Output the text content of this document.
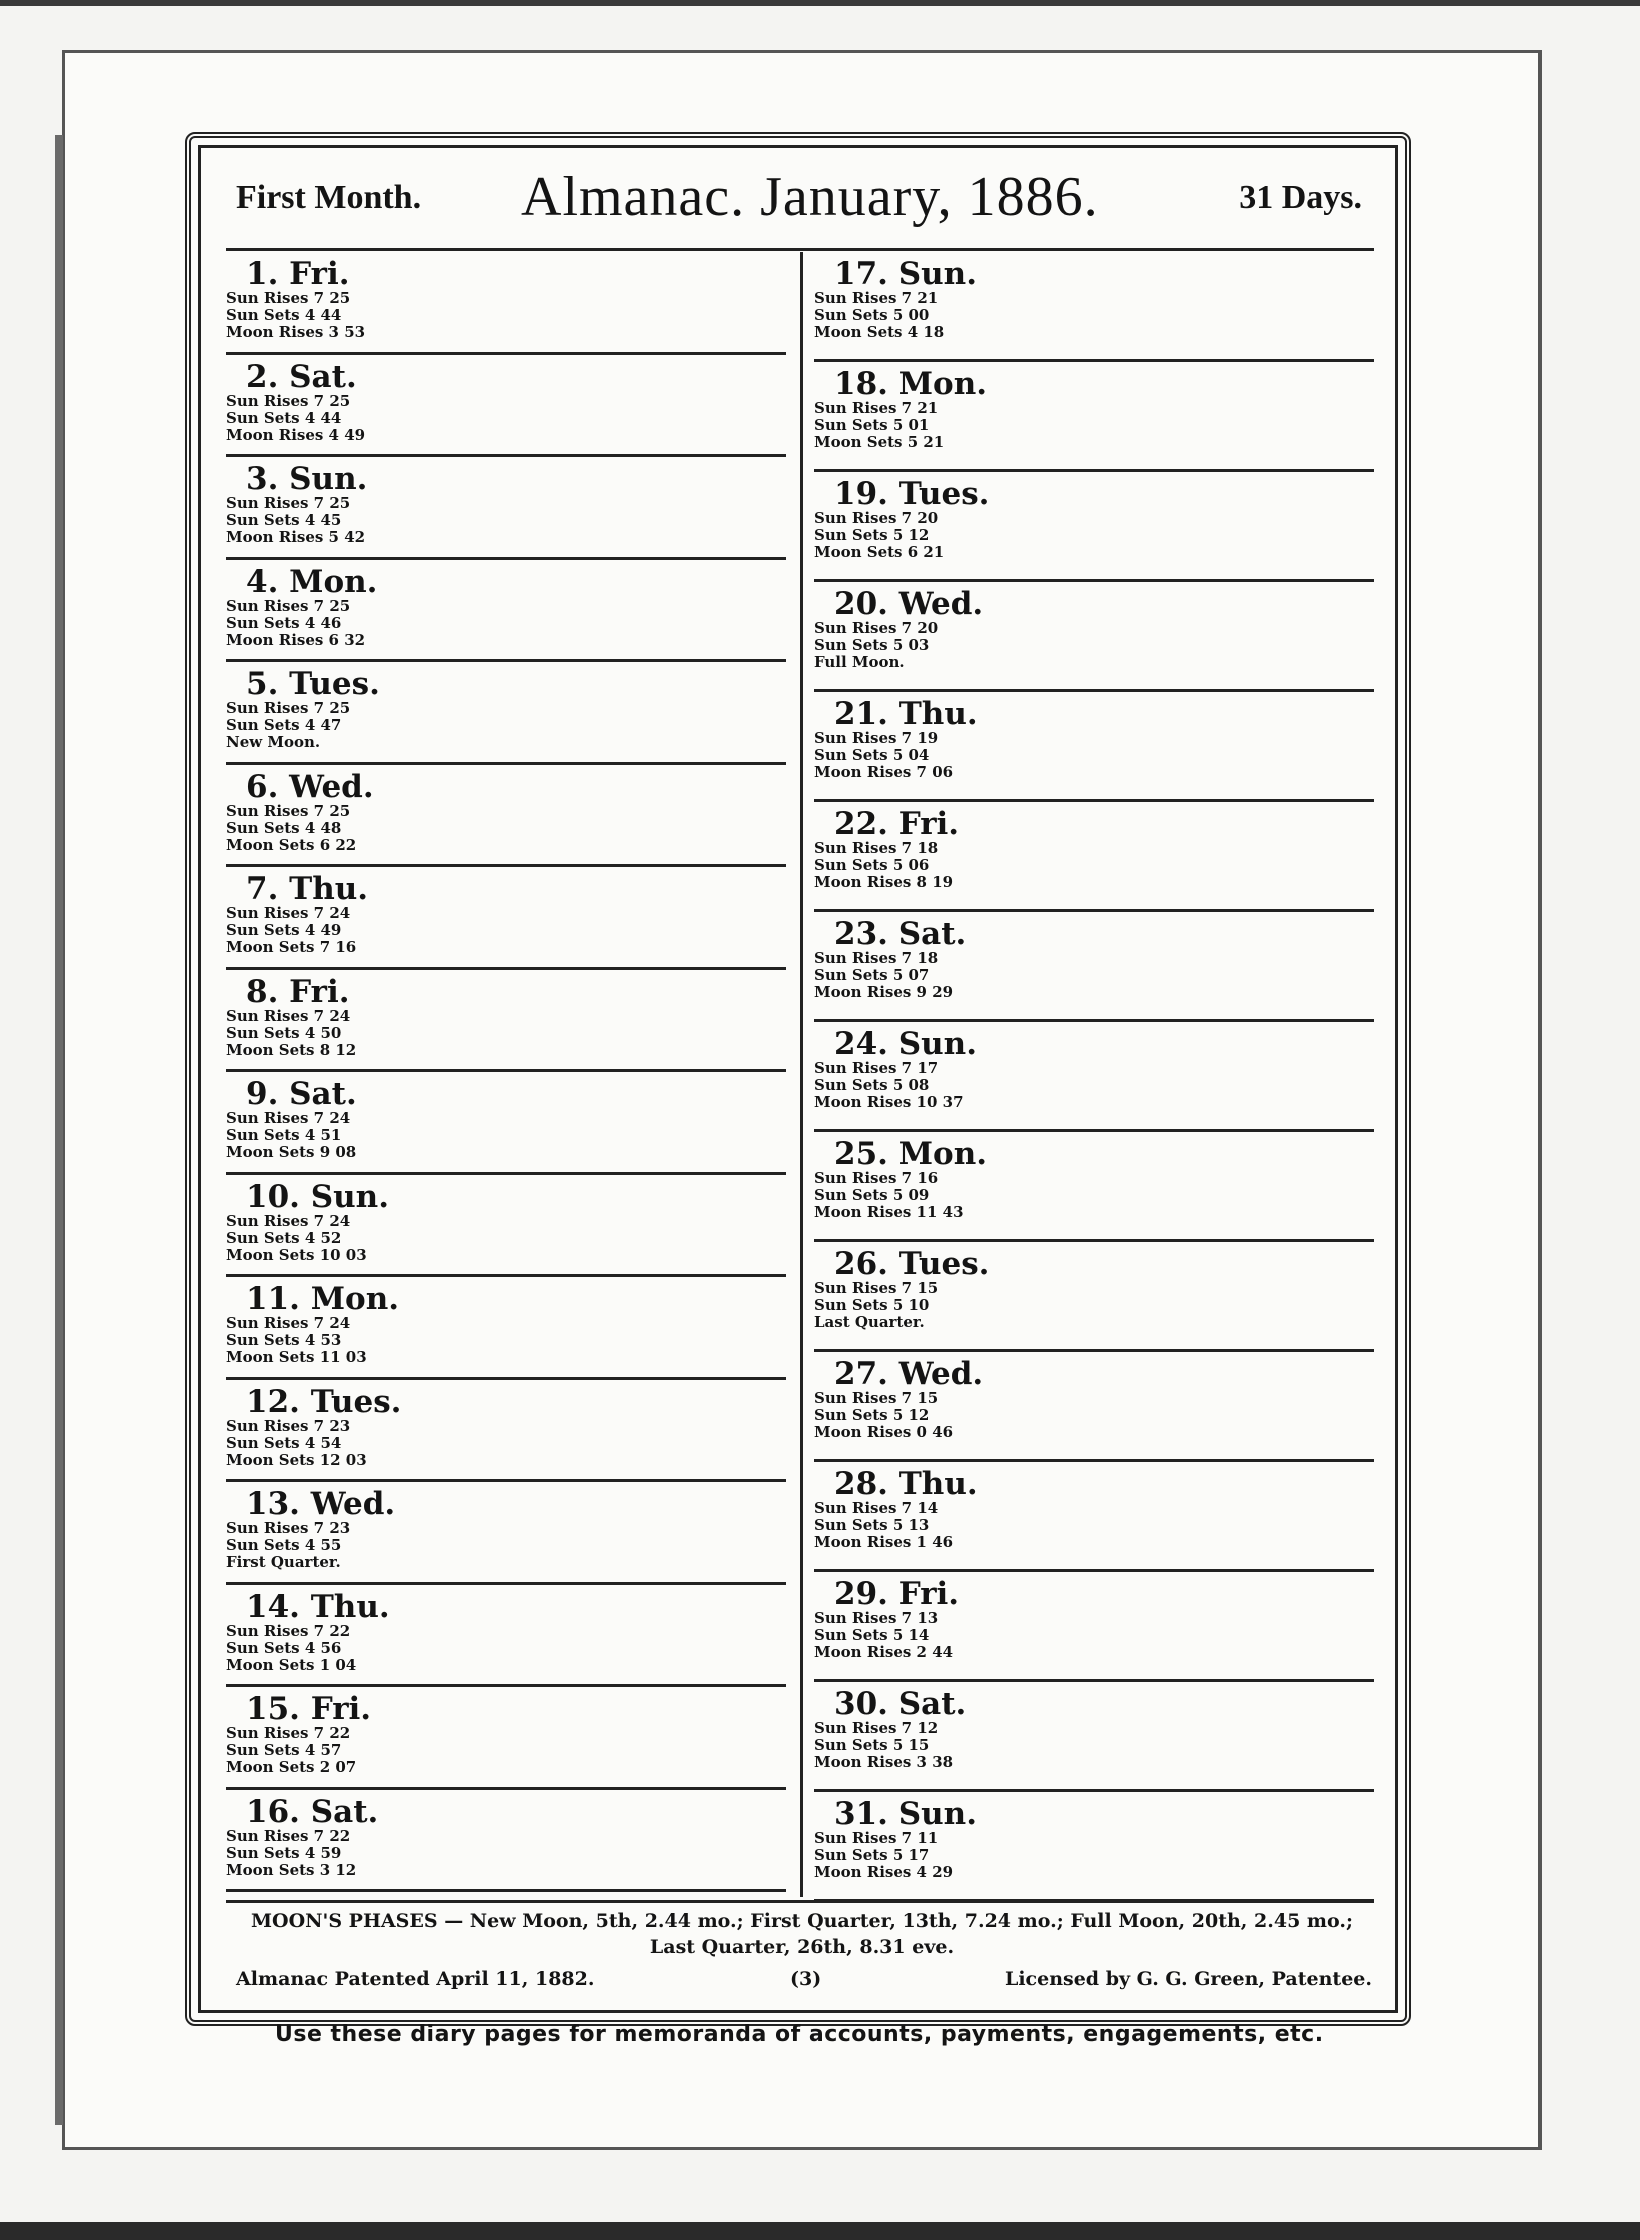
First Month. Almanac. January, 1886.	31 Days.
1. Fri.
Sun Rises 7 25
Sun Sets 4 44
Moon Rises 3 53
2. Sat.
Sun Rises 7 25
Sun Sets 4 44
Moon Rises 4 49
3. Sun.
Sun Rises 7 25
Sun Sets 4 45
Moon Rises 5 42
4. Mon.
Sun Rises 7 25
Sun Sets 4 46
Moon Rises 6 32
5. Tues.
Sun Rises 7 25
Sun Sets 4 47
New Moon.
6. Wed.
Sun Rises 7 25
Sun Sets 4 48
Moon Sets 6 22
7. Thu.
Sun Rises 7 24
Sun Sets 4 49
Moon Sets 7 16
8. Fri.
Sun Rises 7 24
Sun Sets 4 50
Moon Sets 8 12
9. Sat.
Sun Rises 7 24
Sun Sets 4 51
Moon Sets 9 08
10. Sun.
Sun Rises 7 24
Sun Sets 4 52
Moon Sets 10 03
11. Mon.
Sun Rises 7 24
Sun Sets 4 53
Moon Sets 11 03
12. Tues.
Sun Rises 7 23
Sun Sets 4 54
Moon Sets 12 03
13. Wed.
Sun Rises 7 23
Sun Sets 4 55
First Quarter.
14. Thu.
Sun Rises 7 22
Sun Sets 4 56
Moon Sets 1 04
15. Fri.
Sun Rises 7 22
Sun Sets 4 57
Moon Sets 2 07
16. Sat.
Sun Rises 7 22
Sun Sets 4 59
Moon Sets 3 12
17. Sun.
Sun Rises 7 21
Sun Sets 5 00
Moon Sets 4 18
18. Mon.
Sun Rises 7 21
Sun Sets 5 01
Moon Sets 5 21
19. Tues.
Sun Rises 7 20
Sun Sets 5 12
Moon Sets 6 21
20. Wed.
Sun Rises 7 20
Sun Sets 5 03
Full Moon.
21. Thu.
Sun Rises 7 19
Sun Sets 5 04
Moon Rises 7 06
22. Fri.
Sun Rises 7 18
Sun Sets 5 06
Moon Rises 8 19
23. Sat.
Sun Rises 7 18
Sun Sets 5 07
Moon Rises 9 29
24. Sun.
Sun Rises 7 17
Sun Sets 5 08
Moon Rises 10 37
25. Mon.
Sun Rises 7 16
Sun Sets 5 09
Moon Rises 11 43
26. Tues.
Sun Rises 7 15
Sun Sets 5 10
Last Quarter.
27. Wed.
Sun Rises 7 15
Sun Sets 5 12
Moon Rises 0 46
28. Thu.
Sun Rises 7 14
Sun Sets 5 13
Moon Rises 1 46
29. Fri.
Sun Rises 7 13
Sun Sets 5 14
Moon Rises 2 44
30. Sat.
Sun Rises 7 12
Sun Sets 5 15
Moon Rises 3 38
31. Sun.
Sun Rises 7 11
Sun Sets 5 17
Moon Rises 4 29
MOON'S PHASES — New Moon, 5th, 2.44 mo.; First Quarter, 13th, 7.24 mo.; Full Moon, 20th, 2.45 mo.; Last Quarter, 26th, 8.31 eve.
Almanac Patented April 11, 1882.	(3)	Licensed by G. G. Green, Patentee.
Use these diary pages for memoranda of accounts, payments, engagements, etc.
